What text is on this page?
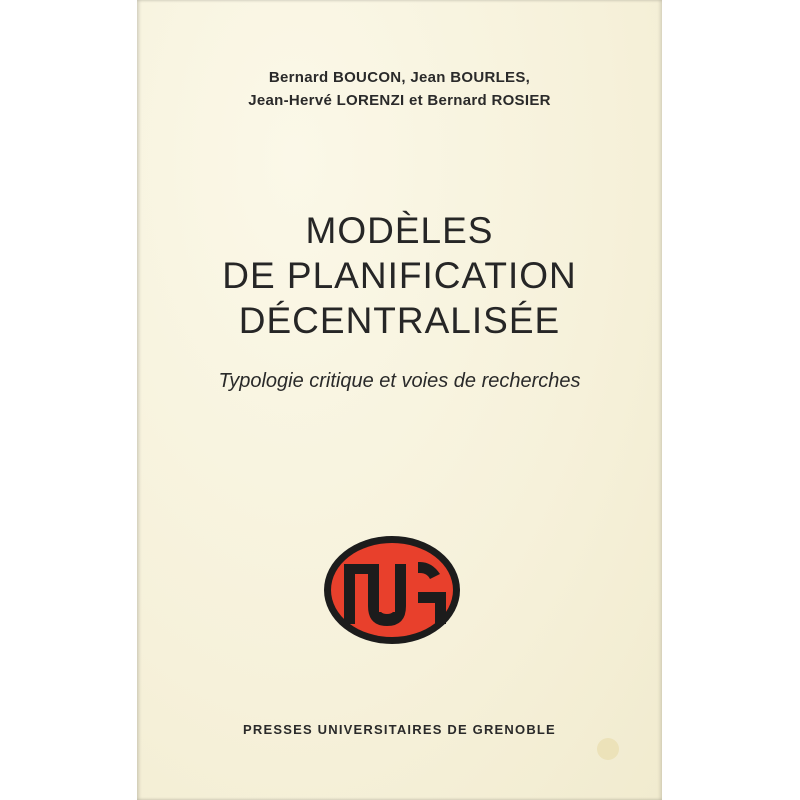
Bernard BOUCON, Jean BOURLES,
Jean-Hervé LORENZI et Bernard ROSIER
MODÈLES
DE PLANIFICATION
DÉCENTRALISÉE
Typologie critique et voies de recherches
PRESSES UNIVERSITAIRES DE GRENOBLE
